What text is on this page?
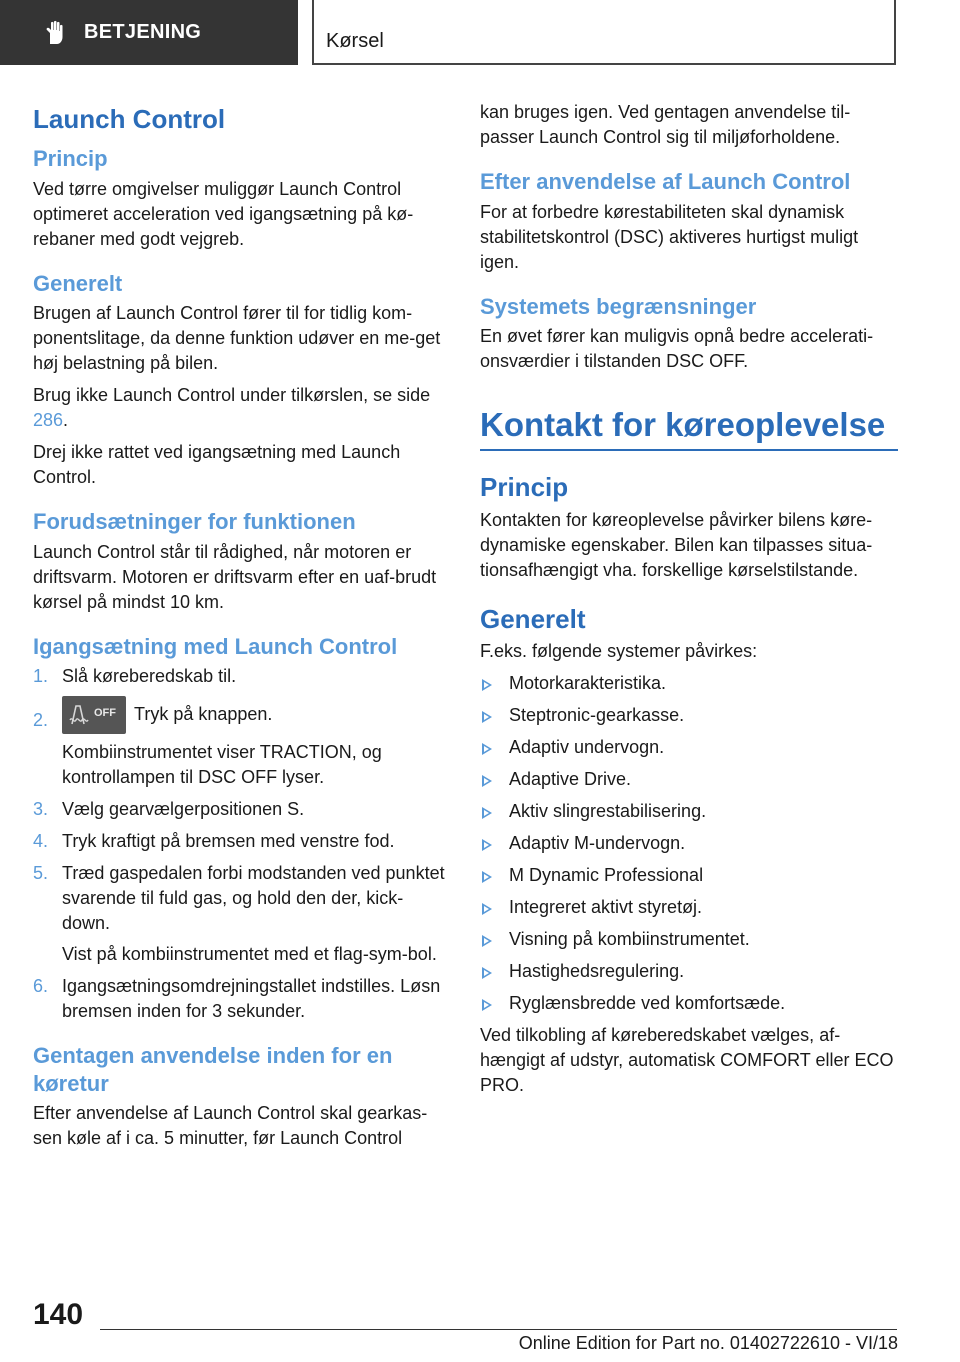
BETJENING	Kørsel
Launch Control
Princip

Ved tørre omgivelser muliggør Launch Control optimeret acceleration ved igangsætning på kø-rebaner med godt vejgreb.

Generelt

Brugen af Launch Control fører til for tidlig kom-ponentslitage, da denne funktion udøver en me-get høj belastning på bilen.

Brug ikke Launch Control under tilkørslen, se side 286.

Drej ikke rattet ved igangsætning med Launch Control.

Forudsætninger for funktionen

Launch Control står til rådighed, når motoren er driftsvarm. Motoren er driftsvarm efter en uaf-brudt kørsel på mindst 10 km.

Igangsætning med Launch Control
1. Slå køreberedskab til.
2.	OFF Tryk på knappen.

Kombiinstrumentet viser TRACTION, og kontrollampen til DSC OFF lyser.

3. Vælg gearvælgerpositionen S.
4. Tryk kraftigt på bremsen med venstre fod.
5. Træd gaspedalen forbi modstanden ved punktet svarende til fuld gas, og hold den der, kick-down.

Vist på kombiinstrumentet med et flag-sym-bol.

6. Igangsætningsomdrejningstallet indstilles. Løsn bremsen inden for 3 sekunder.
Gentagen anvendelse inden for en køretur

Efter anvendelse af Launch Control skal gearkas-sen køle af i ca. 5 minutter, før Launch Control

kan bruges igen. Ved gentagen anvendelse til-passer Launch Control sig til miljøforholdene.

Efter anvendelse af Launch Control

For at forbedre kørestabiliteten skal dynamisk stabilitetskontrol (DSC) aktiveres hurtigst muligt igen.

Systemets begrænsninger

En øvet fører kan muligvis opnå bedre accelerati-onsværdier i tilstanden DSC OFF.

Kontakt for køreoplevelse
Princip

Kontakten for køreoplevelse påvirker bilens køre-dynamiske egenskaber. Bilen kan tilpasses situa-tionsafhængigt vha. forskellige kørselstilstande.

Generelt

F.eks. følgende systemer påvirkes:

Motorkarakteristika.
Steptronic-gearkasse.
Adaptiv undervogn.
Adaptive Drive.
Aktiv slingrestabilisering.
Adaptiv M-undervogn.
M Dynamic Professional
Integreret aktivt styretøj.
Visning på kombiinstrumentet.
Hastighedsregulering.
Ryglænsbredde ved komfortsæde.

Ved tilkobling af køreberedskabet vælges, af-hængigt af udstyr, automatisk COMFORT eller ECO PRO.

140
Online Edition for Part no. 01402722610 - VI/18
